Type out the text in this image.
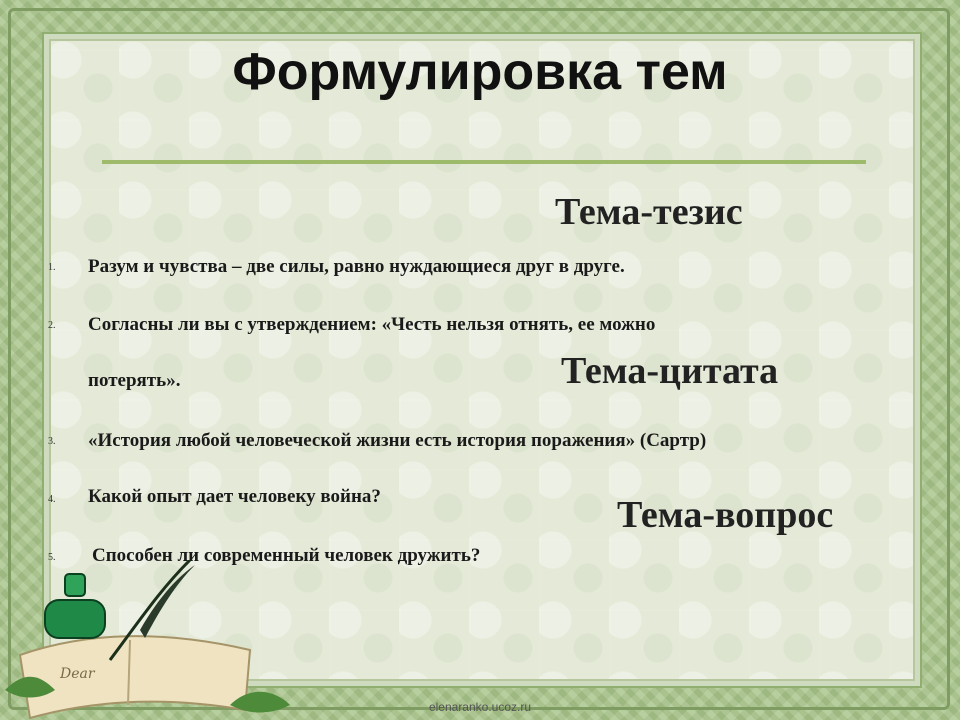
Формулировка тем
Тема-тезис
Тема-цитата
Тема-вопрос
1. Разум и чувства – две силы, равно нуждающиеся друг в друге.
2. Согласны ли вы с утверждением: «Честь нельзя отнять, ее можно
потерять».
3. «История любой человеческой жизни есть история поражения» (Сартр)
4. Какой опыт дает человеку война?
5. Способен ли современный человек дружить?
Dear
elenaranko.ucoz.ru
